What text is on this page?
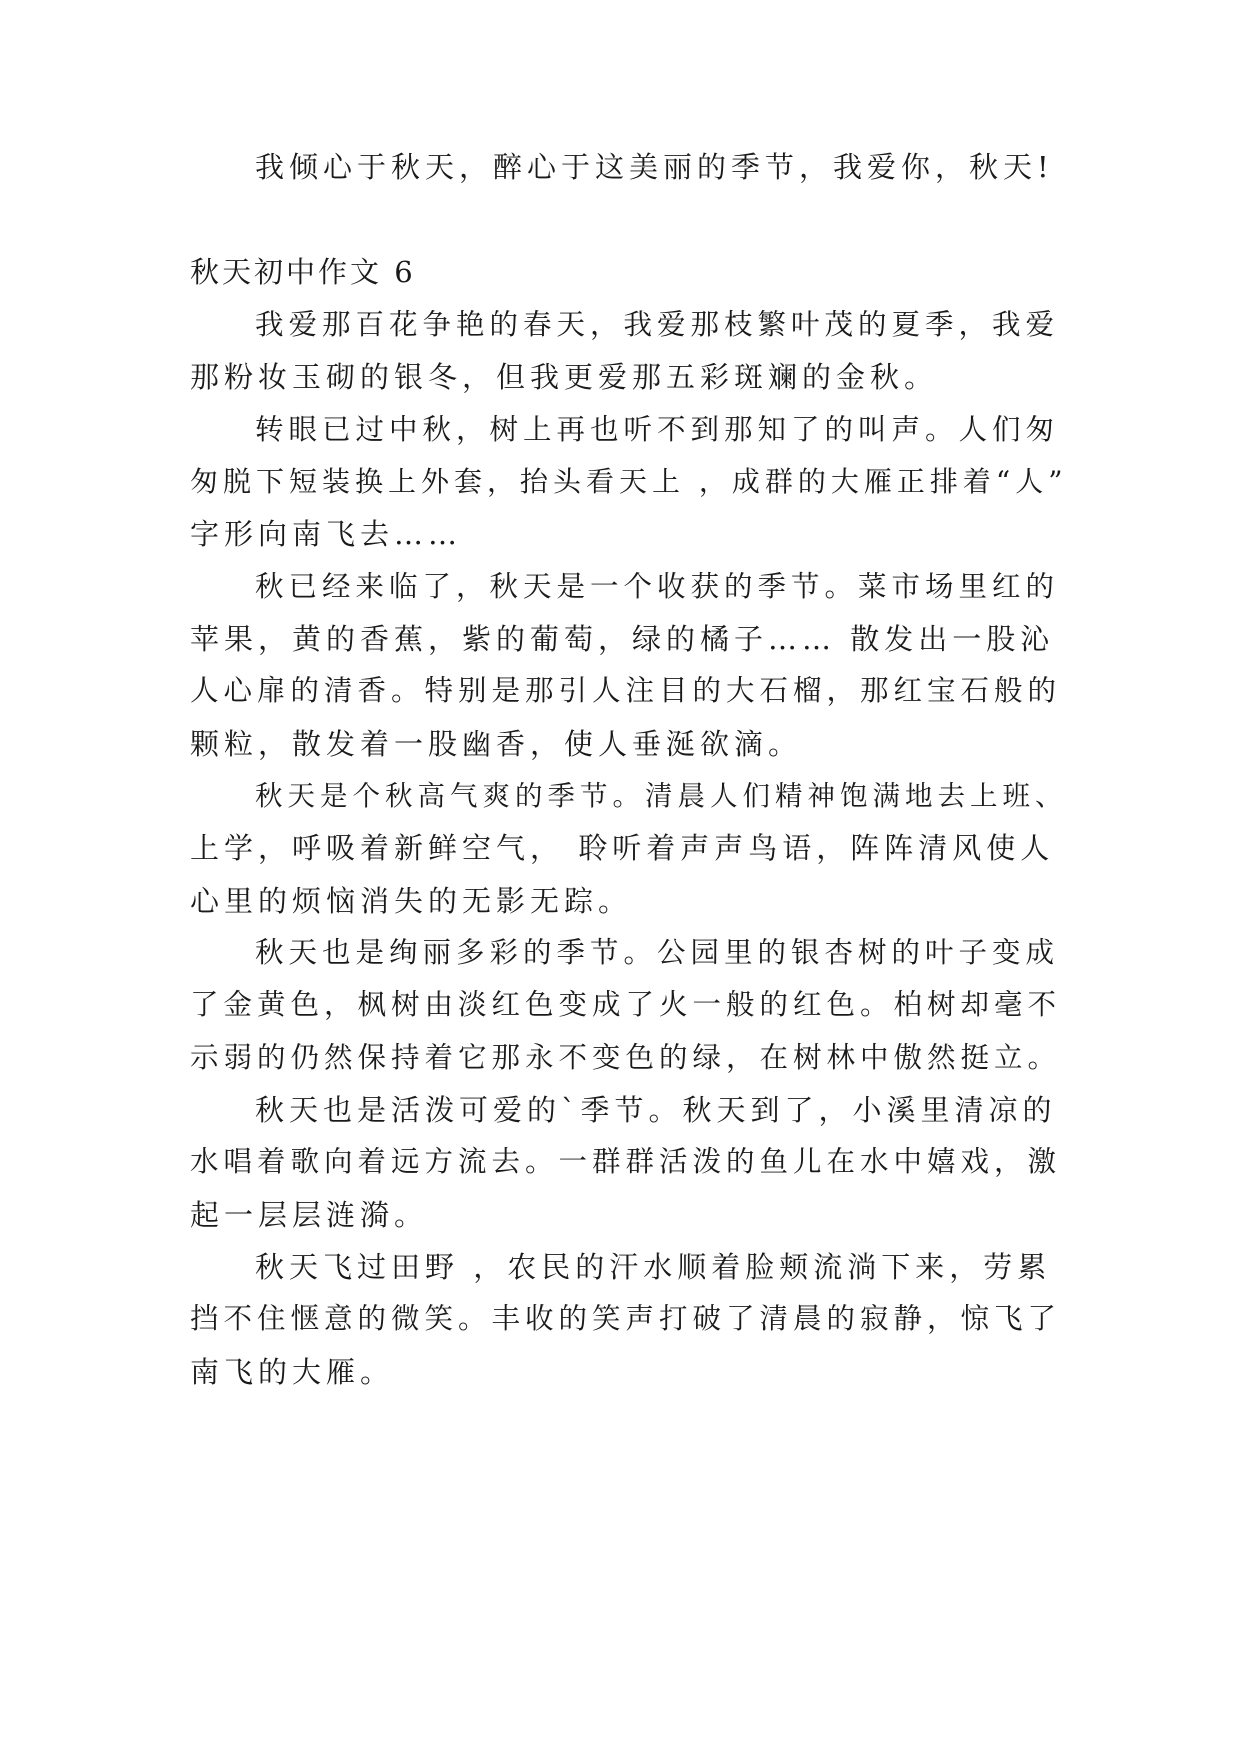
我倾心于秋天，醉心于这美丽的季节，我爱你，秋天!
秋天初中作文 6
我爱那百花争艳的春天，我爱那枝繁叶茂的夏季，我爱
那粉妆玉砌的银冬，但我更爱那五彩斑斓的金秋。
转眼已过中秋，树上再也听不到那知了的叫声。人们匆
匆脱下短装换上外套，抬头看天上 ，成群的大雁正排着“人”
字形向南飞去……
秋已经来临了，秋天是一个收获的季节。菜市场里红的
苹果，黄的香蕉，紫的葡萄，绿的橘子…… 散发出一股沁
人心扉的清香。特别是那引人注目的大石榴，那红宝石般的
颗粒，散发着一股幽香，使人垂涎欲滴。
秋天是个秋高气爽的季节。清晨人们精神饱满地去上班、
上学，呼吸着新鲜空气， 聆听着声声鸟语，阵阵清风使人
心里的烦恼消失的无影无踪。
秋天也是绚丽多彩的季节。公园里的银杏树的叶子变成
了金黄色，枫树由淡红色变成了火一般的红色。柏树却毫不
示弱的仍然保持着它那永不变色的绿，在树林中傲然挺立。
秋天也是活泼可爱的`季节。秋天到了，小溪里清凉的
水唱着歌向着远方流去。一群群活泼的鱼儿在水中嬉戏，激
起一层层涟漪。
秋天飞过田野 ，农民的汗水顺着脸颊流淌下来，劳累
挡不住惬意的微笑。丰收的笑声打破了清晨的寂静，惊飞了
南飞的大雁。
